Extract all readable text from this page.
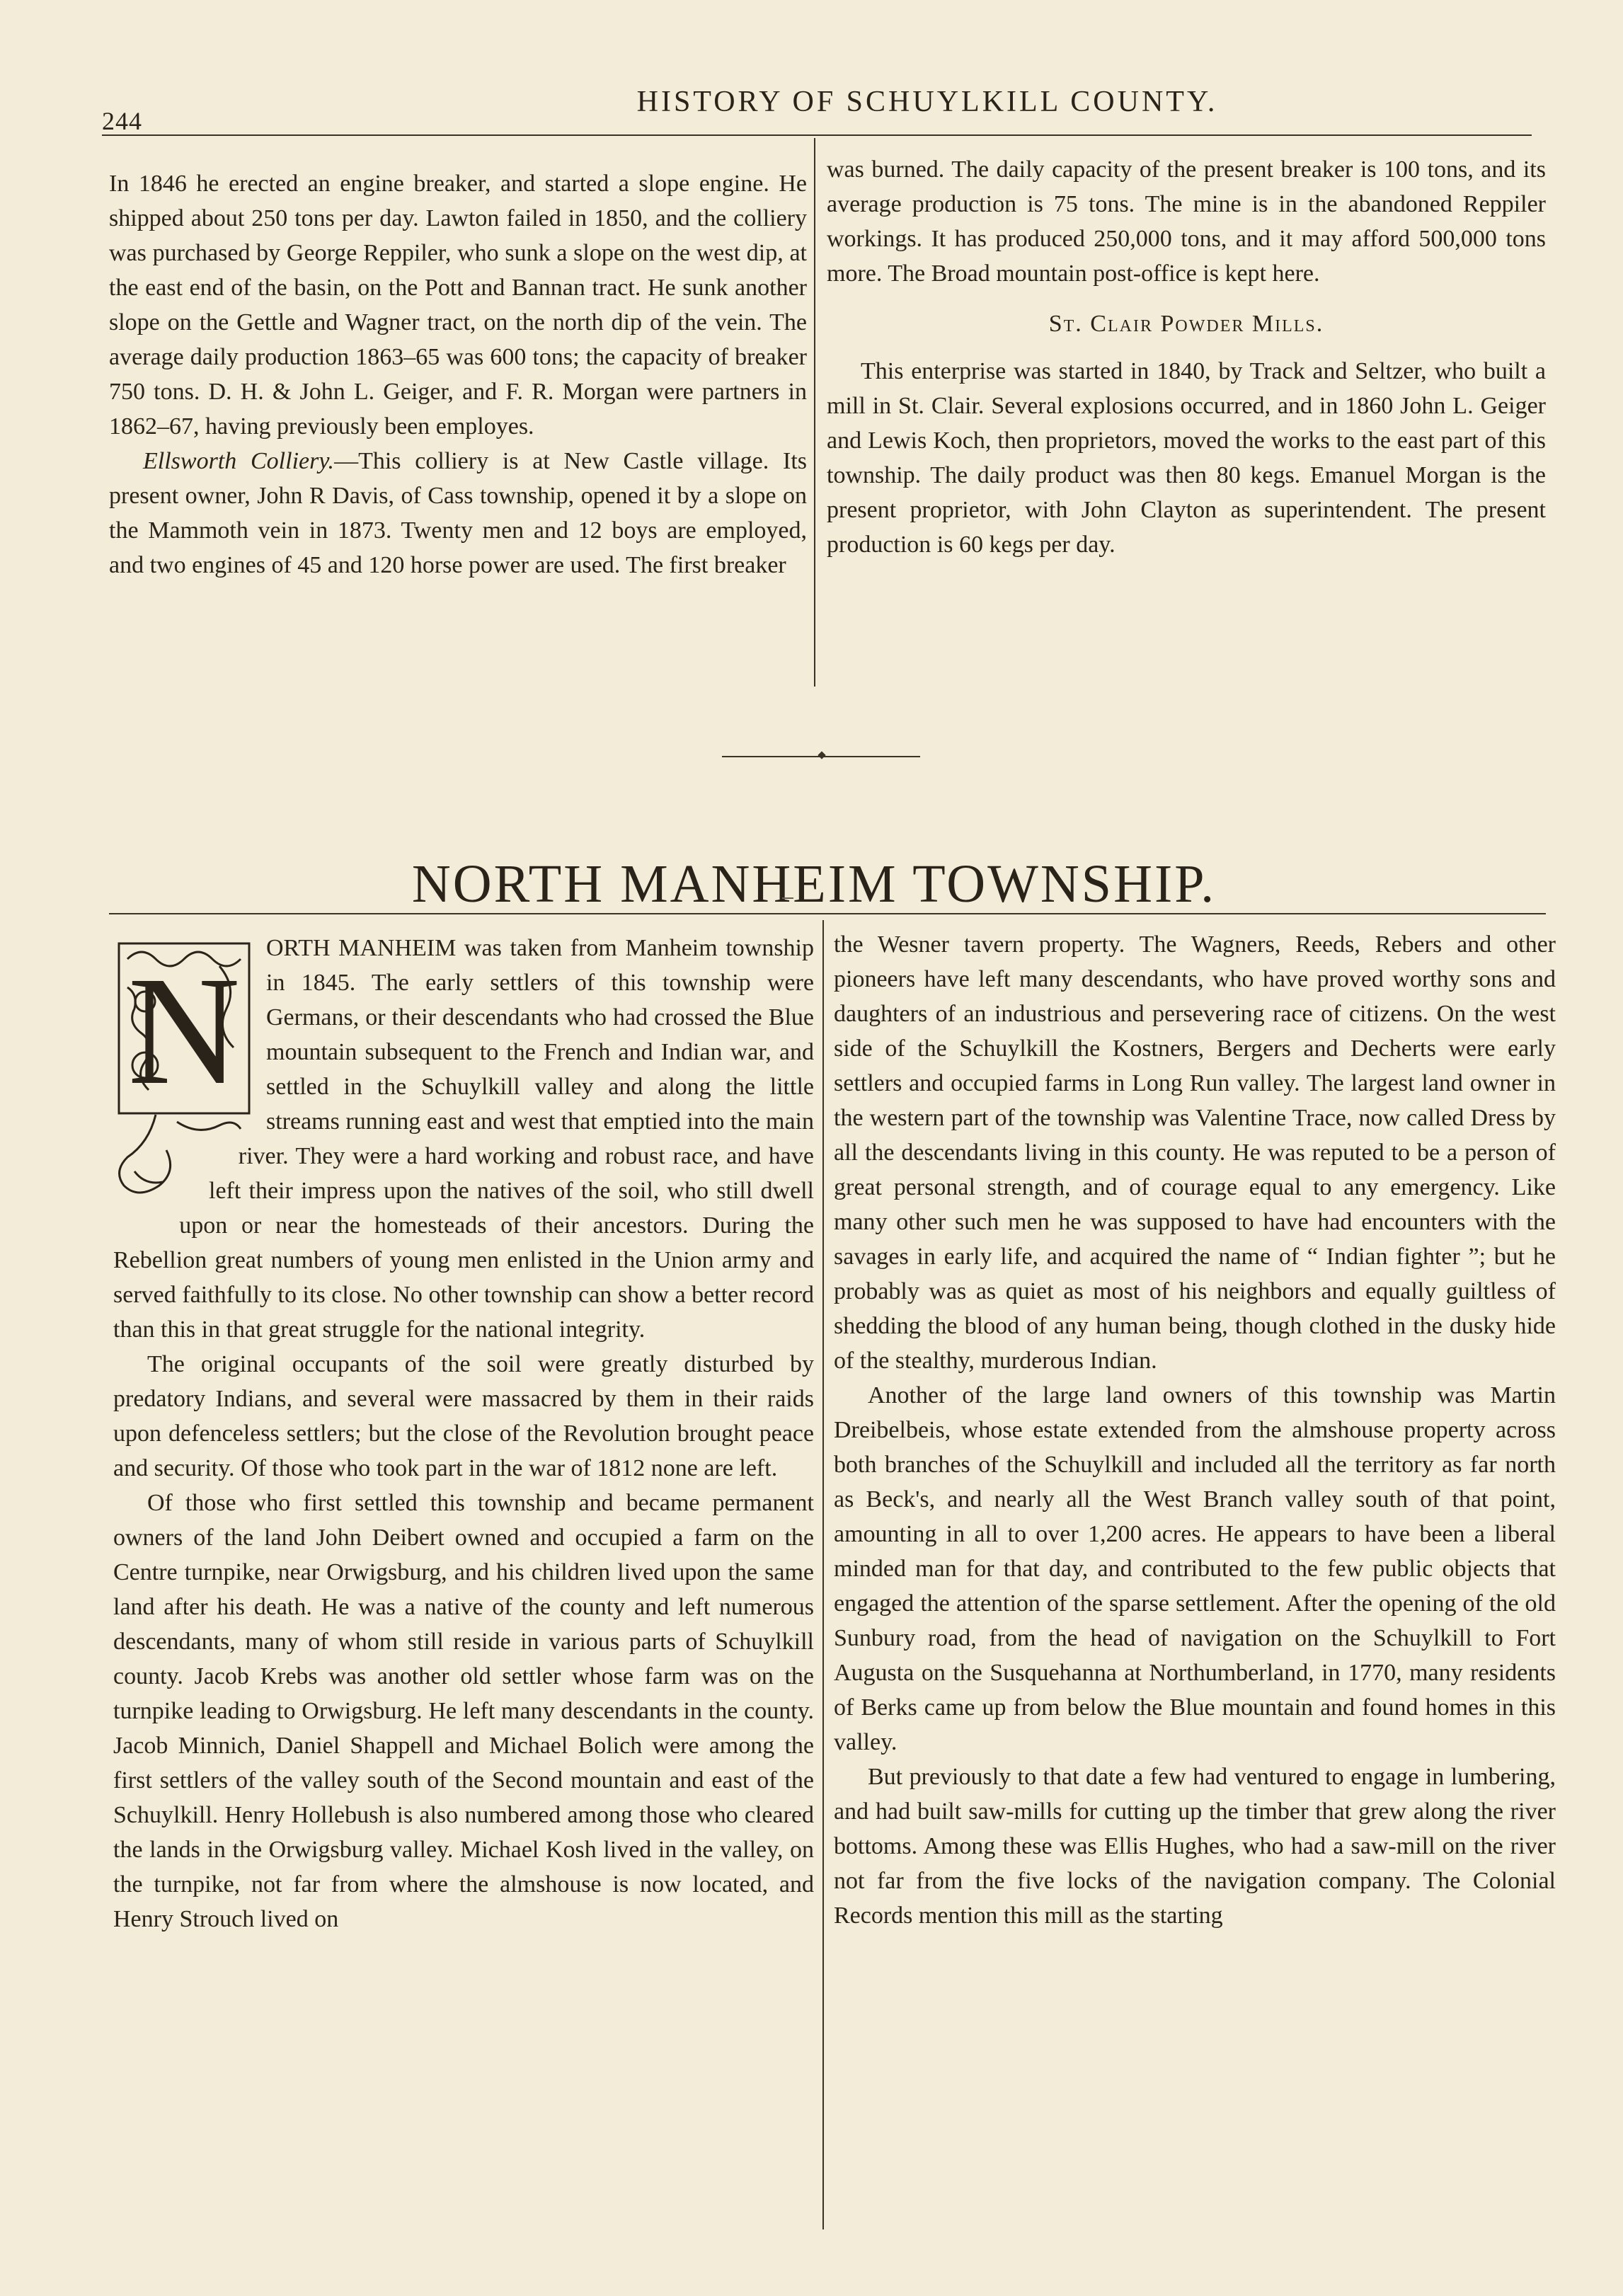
244
HISTORY OF SCHUYLKILL COUNTY.

In 1846 he erected an engine breaker, and started a slope engine. He shipped about 250 tons per day. Lawton failed in 1850, and the colliery was purchased by George Reppiler, who sunk a slope on the west dip, at the east end of the basin, on the Pott and Bannan tract. He sunk another slope on the Gettle and Wagner tract, on the north dip of the vein. The average daily production 1863–65 was 600 tons; the capacity of breaker 750 tons. D. H. & John L. Geiger, and F. R. Morgan were partners in 1862–67, having previously been employes.

Ellsworth Colliery.—This colliery is at New Castle village. Its present owner, John R Davis, of Cass township, opened it by a slope on the Mammoth vein in 1873. Twenty men and 12 boys are employed, and two engines of 45 and 120 horse power are used. The first breaker

was burned. The daily capacity of the present breaker is 100 tons, and its average production is 75 tons. The mine is in the abandoned Reppiler workings. It has produced 250,000 tons, and it may afford 500,000 tons more. The Broad mountain post-office is kept here.

St. Clair Powder Mills.

This enterprise was started in 1840, by Track and Seltzer, who built a mill in St. Clair. Several explosions occurred, and in 1860 John L. Geiger and Lewis Koch, then proprietors, moved the works to the east part of this township. The daily product was then 80 kegs. Emanuel Morgan is the present proprietor, with John Clayton as superintendent. The present production is 60 kegs per day.

NORTH MANHEIM TOWNSHIP.
N	ORTH MANHEIM was taken from Manheim township in 1845. The early settlers of this township were Germans, or their descendants who had crossed the Blue mountain subsequent to the French and Indian war, and settled in the Schuylkill valley and along the little streams running east and west that emptied into the main river. They were a hard working and robust race, and have left their impress upon the natives of the soil, who still dwell upon or near the homesteads of their ancestors. During the Rebellion great numbers of young men enlisted in the Union army and served faithfully to its close. No other township can show a better record than this in that great struggle for the national integrity.

The original occupants of the soil were greatly disturbed by predatory Indians, and several were massacred by them in their raids upon defenceless settlers; but the close of the Revolution brought peace and security. Of those who took part in the war of 1812 none are left.

Of those who first settled this township and became permanent owners of the land John Deibert owned and occupied a farm on the Centre turnpike, near Orwigsburg, and his children lived upon the same land after his death. He was a native of the county and left numerous descendants, many of whom still reside in various parts of Schuylkill county. Jacob Krebs was another old settler whose farm was on the turnpike leading to Orwigsburg. He left many descendants in the county. Jacob Minnich, Daniel Shappell and Michael Bolich were among the first settlers of the valley south of the Second mountain and east of the Schuylkill. Henry Hollebush is also numbered among those who cleared the lands in the Orwigsburg valley. Michael Kosh lived in the valley, on the turnpike, not far from where the almshouse is now located, and Henry Strouch lived on

the Wesner tavern property. The Wagners, Reeds, Rebers and other pioneers have left many descendants, who have proved worthy sons and daughters of an industrious and persevering race of citizens. On the west side of the Schuylkill the Kostners, Bergers and Decherts were early settlers and occupied farms in Long Run valley. The largest land owner in the western part of the township was Valentine Trace, now called Dress by all the descendants living in this county. He was reputed to be a person of great personal strength, and of courage equal to any emergency. Like many other such men he was supposed to have had encounters with the savages in early life, and acquired the name of “ Indian fighter ”; but he probably was as quiet as most of his neighbors and equally guiltless of shedding the blood of any human being, though clothed in the dusky hide of the stealthy, murderous Indian.

Another of the large land owners of this township was Martin Dreibelbeis, whose estate extended from the almshouse property across both branches of the Schuylkill and included all the territory as far north as Beck's, and nearly all the West Branch valley south of that point, amounting in all to over 1,200 acres. He appears to have been a liberal minded man for that day, and contributed to the few public objects that engaged the attention of the sparse settlement. After the opening of the old Sunbury road, from the head of navigation on the Schuylkill to Fort Augusta on the Susquehanna at Northumberland, in 1770, many residents of Berks came up from below the Blue mountain and found homes in this valley.

But previously to that date a few had ventured to engage in lumbering, and had built saw-mills for cutting up the timber that grew along the river bottoms. Among these was Ellis Hughes, who had a saw-mill on the river not far from the five locks of the navigation company. The Colonial Records mention this mill as the starting
